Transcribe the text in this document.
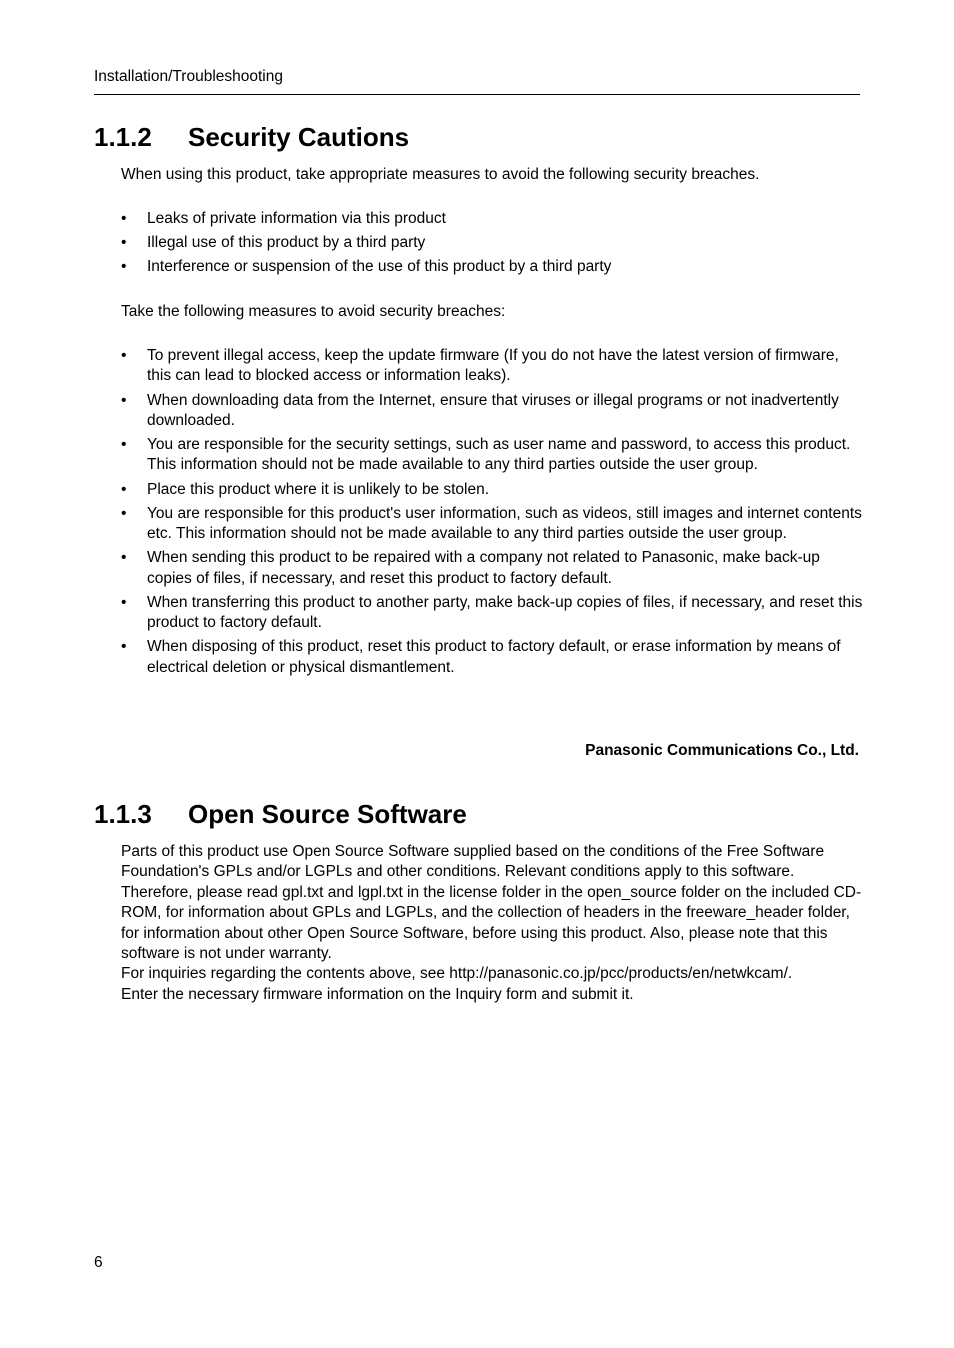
Installation/Troubleshooting
1.1.2 Security Cautions

When using this product, take appropriate measures to avoid the following security breaches.

• Leaks of private information via this product
• Illegal use of this product by a third party
• Interference or suspension of the use of this product by a third party

Take the following measures to avoid security breaches:

• To prevent illegal access, keep the update firmware (If you do not have the latest version of firmware, this can lead to blocked access or information leaks).
• When downloading data from the Internet, ensure that viruses or illegal programs or not inadvertently downloaded.
• You are responsible for the security settings, such as user name and password, to access this product. This information should not be made available to any third parties outside the user group.
• Place this product where it is unlikely to be stolen.
• You are responsible for this product's user information, such as videos, still images and internet contents etc. This information should not be made available to any third parties outside the user group.
• When sending this product to be repaired with a company not related to Panasonic, make back-up copies of files, if necessary, and reset this product to factory default.
• When transferring this product to another party, make back-up copies of files, if necessary, and reset this product to factory default.
• When disposing of this product, reset this product to factory default, or erase information by means of electrical deletion or physical dismantlement.
Panasonic Communications Co., Ltd.
1.1.3 Open Source Software
Parts of this product use Open Source Software supplied based on the conditions of the Free Software Foundation's GPLs and/or LGPLs and other conditions. Relevant conditions apply to this software. Therefore, please read gpl.txt and lgpl.txt in the license folder in the open_source folder on the included CD-ROM, for information about GPLs and LGPLs, and the collection of headers in the freeware_header folder, for information about other Open Source Software, before using this product. Also, please note that this software is not under warranty.
For inquiries regarding the contents above, see http://panasonic.co.jp/pcc/products/en/netwkcam/.
Enter the necessary firmware information on the Inquiry form and submit it.
6
